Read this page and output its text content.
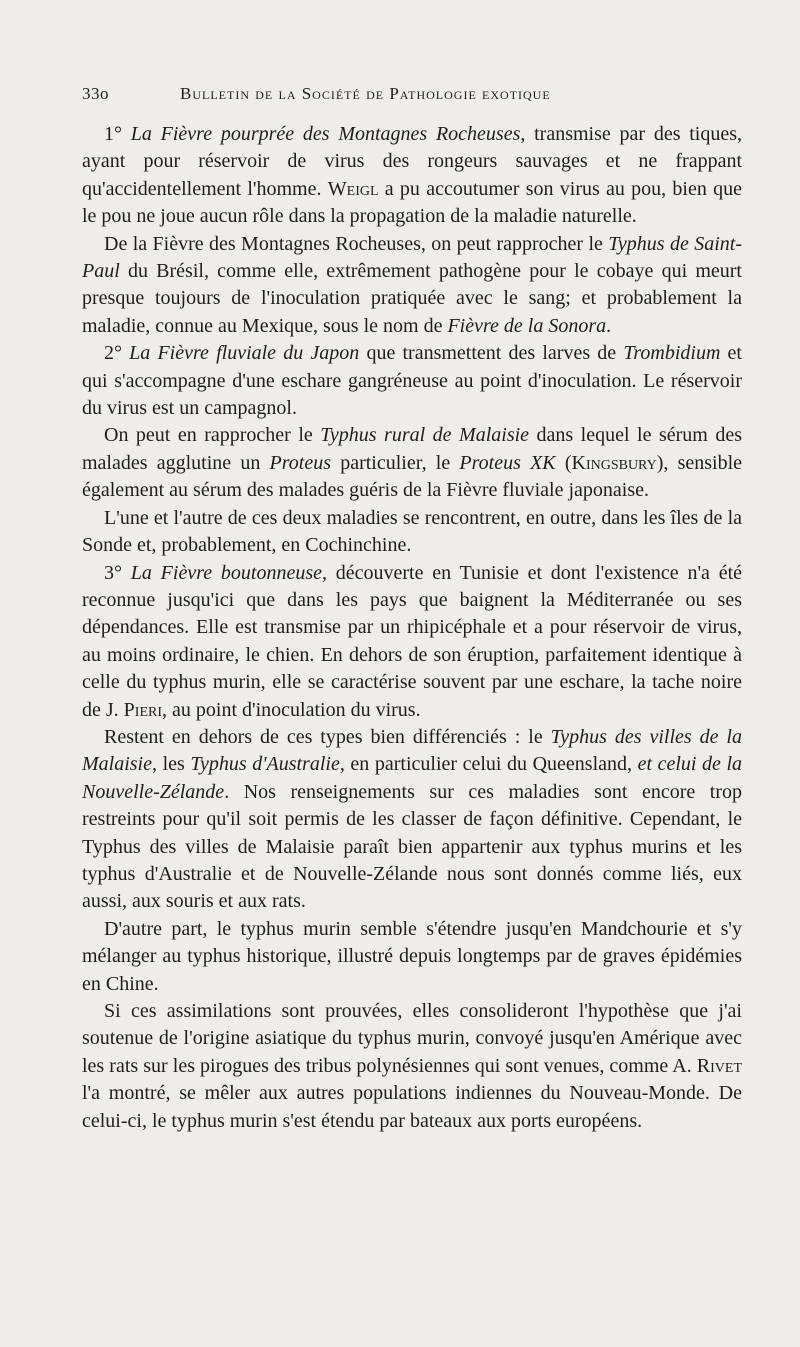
33o	Bulletin de la Société de Pathologie exotique

1° La Fièvre pourprée des Montagnes Rocheuses, transmise par des tiques, ayant pour réservoir de virus des rongeurs sauvages et ne frappant qu'accidentellement l'homme. Weigl a pu accoutumer son virus au pou, bien que le pou ne joue aucun rôle dans la propagation de la maladie naturelle.

De la Fièvre des Montagnes Rocheuses, on peut rapprocher le Typhus de Saint-Paul du Brésil, comme elle, extrêmement pathogène pour le cobaye qui meurt presque toujours de l'inoculation pratiquée avec le sang; et probablement la maladie, connue au Mexique, sous le nom de Fièvre de la Sonora.

2° La Fièvre fluviale du Japon que transmettent des larves de Trombidium et qui s'accompagne d'une eschare gangréneuse au point d'inoculation. Le réservoir du virus est un campagnol.

On peut en rapprocher le Typhus rural de Malaisie dans lequel le sérum des malades agglutine un Proteus particulier, le Proteus XK (Kingsbury), sensible également au sérum des malades guéris de la Fièvre fluviale japonaise.

L'une et l'autre de ces deux maladies se rencontrent, en outre, dans les îles de la Sonde et, probablement, en Cochinchine.

3° La Fièvre boutonneuse, découverte en Tunisie et dont l'existence n'a été reconnue jusqu'ici que dans les pays que baignent la Méditerranée ou ses dépendances. Elle est transmise par un rhipicéphale et a pour réservoir de virus, au moins ordinaire, le chien. En dehors de son éruption, parfaitement identique à celle du typhus murin, elle se caractérise souvent par une eschare, la tache noire de J. Pieri, au point d'inoculation du virus.

Restent en dehors de ces types bien différenciés : le Typhus des villes de la Malaisie, les Typhus d'Australie, en particulier celui du Queensland, et celui de la Nouvelle-Zélande. Nos renseignements sur ces maladies sont encore trop restreints pour qu'il soit permis de les classer de façon définitive. Cependant, le Typhus des villes de Malaisie paraît bien appartenir aux typhus murins et les typhus d'Australie et de Nouvelle-Zélande nous sont donnés comme liés, eux aussi, aux souris et aux rats.

D'autre part, le typhus murin semble s'étendre jusqu'en Mandchourie et s'y mélanger au typhus historique, illustré depuis longtemps par de graves épidémies en Chine.

Si ces assimilations sont prouvées, elles consolideront l'hypothèse que j'ai soutenue de l'origine asiatique du typhus murin, convoyé jusqu'en Amérique avec les rats sur les pirogues des tribus polynésiennes qui sont venues, comme A. Rivet l'a montré, se mêler aux autres populations indiennes du Nouveau-Monde. De celui-ci, le typhus murin s'est étendu par bateaux aux ports européens.
